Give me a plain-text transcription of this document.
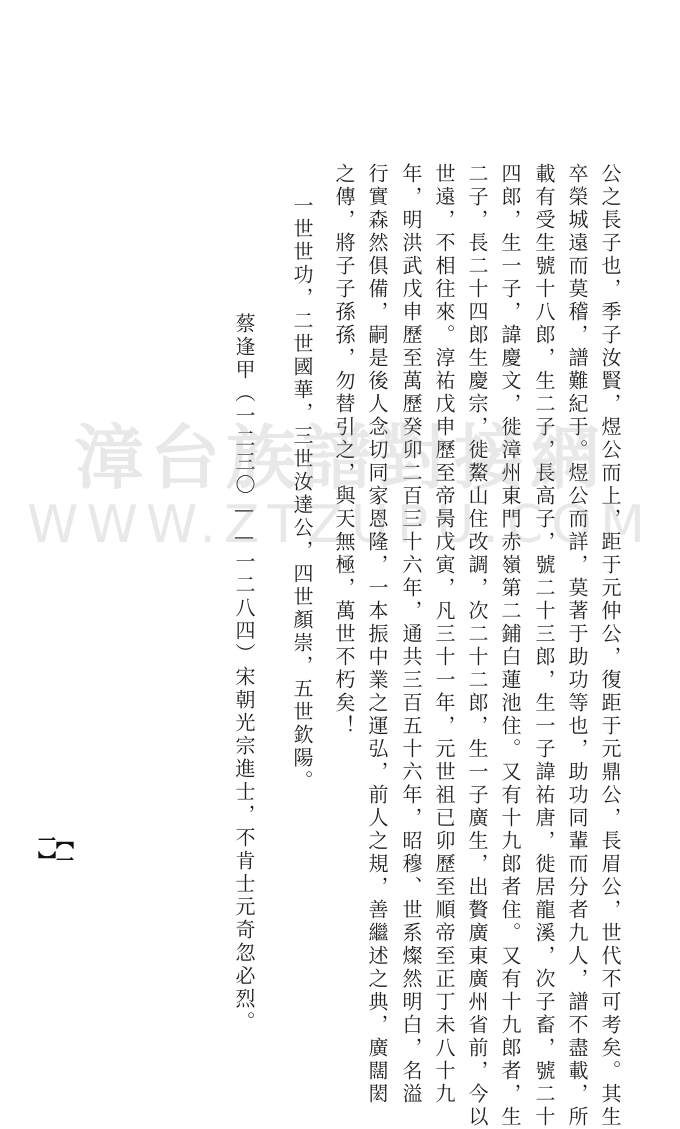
公之長子也，季子汝賢，煜公而上，距于元仲公，復距于元鼎公，長眉公，世代不可考矣。其生
卒榮城遠而莫稽，譜難紀于。煜公而詳，莫著于助功等也，助功同輩而分者九人，譜不盡載，所
載有受生號十八郎，生二子，長高子，號二十三郎，生一子諱祐唐，徙居龍溪，次子畜，號二十
四郎，生一子，諱慶文，徙漳州東門赤嶺第二鋪白蓮池住。又有十九郎者住。又有十九郎者，生
二子，長二十四郎生慶宗，徙鰲山住改調，次二十二郎，生一子廣生，出贅廣東廣州省前，今以
世遠，不相往來。淳祐戊申歷至帝昺戊寅，凡三十一年，元世祖已卯歷至順帝至正丁未八十九
年，明洪武戊申歷至萬歷癸卯二百三十六年，通共三百五十六年，昭穆、世系燦然明白，名溢
行實森然俱備，嗣是後人念切同家恩隆，一本振中業之運弘，前人之規，善繼述之典，廣闊閎
之傳，將子子孫孫，勿替引之，與天無極，萬世不朽矣！
一世世功，二世國華，三世汝達公，四世顏崇，五世欽陽。
蔡逢甲（一二三〇——一二八四）宋朝光宗進士，不肯士元奇忽必烈。
漳台族譜對接網
WWW.ZTZUPU.COM
【一一】
